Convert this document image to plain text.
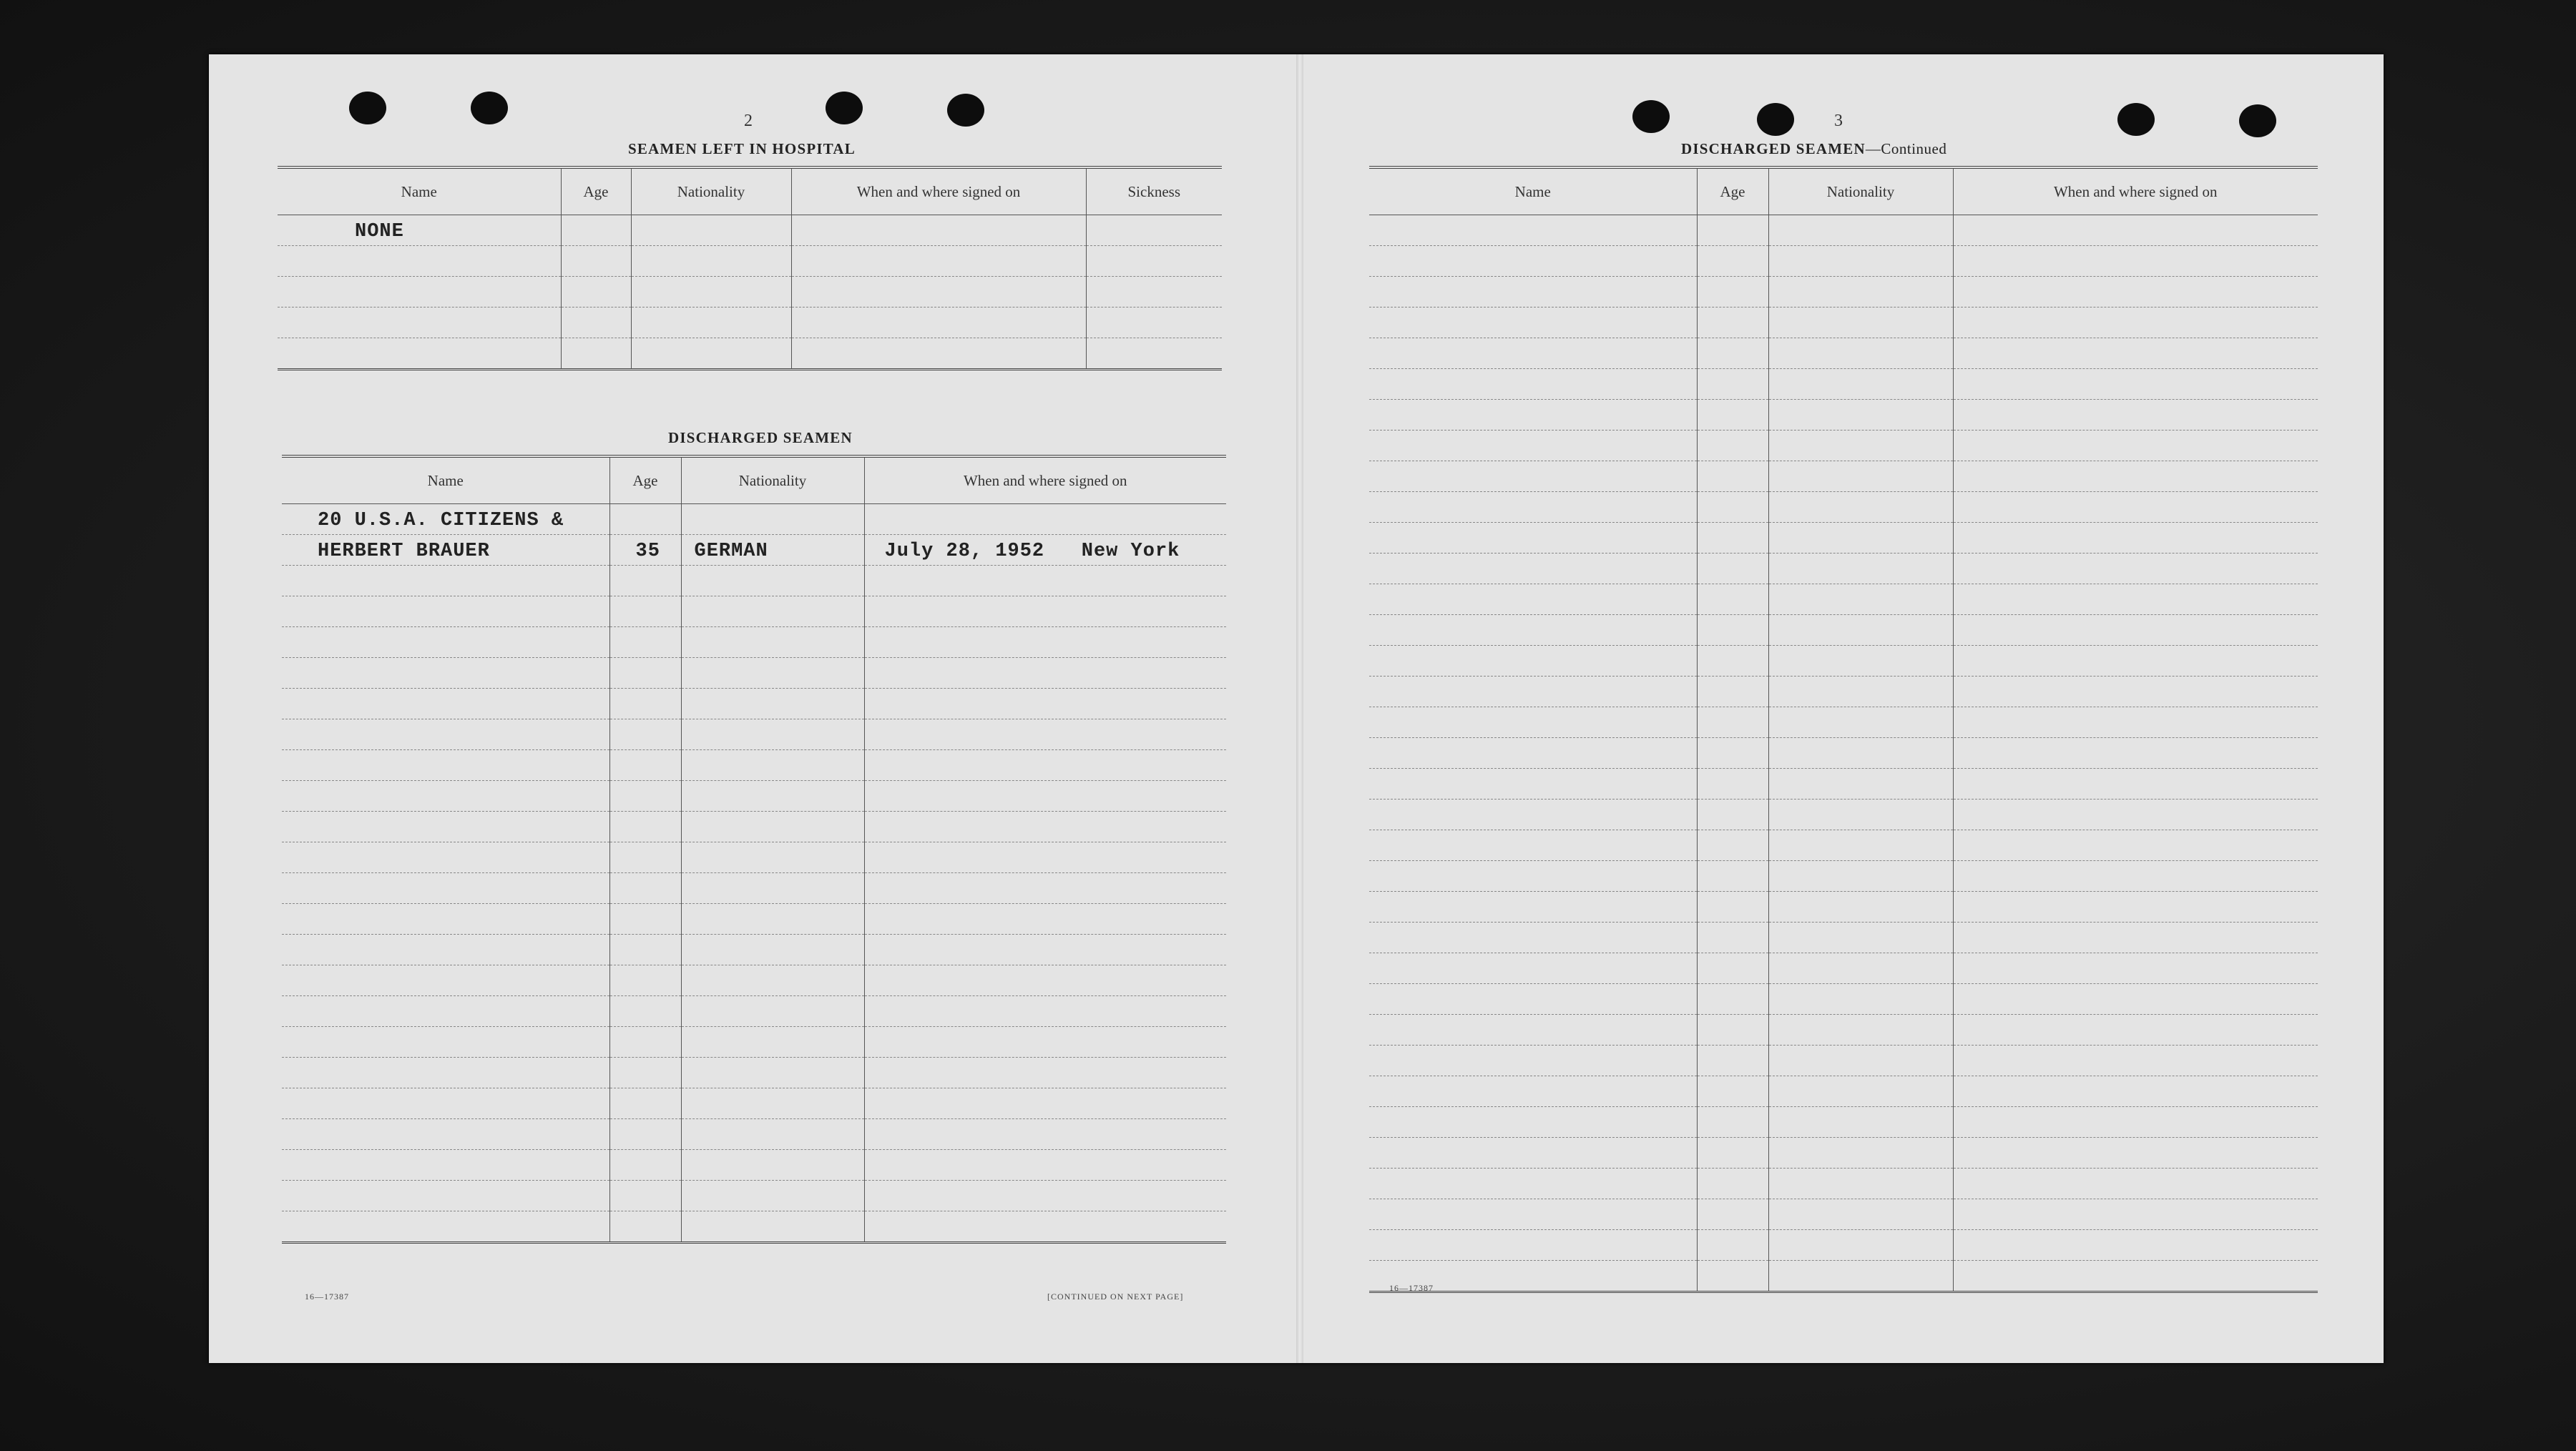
2
SEAMEN LEFT IN HOSPITAL
Name	Age	Nationality	When and where signed on	Sickness
NONE				

DISCHARGED SEAMEN
Name	Age	Nationality	When and where signed on
20 U.S.A. CITIZENS &			
HERBERT BRAUER	35	GERMAN	July 28, 1952   New York

16—17387	[CONTINUED ON NEXT PAGE]
3
DISCHARGED SEAMEN—Continued
Name	Age	Nationality	When and where signed on

16—17387
